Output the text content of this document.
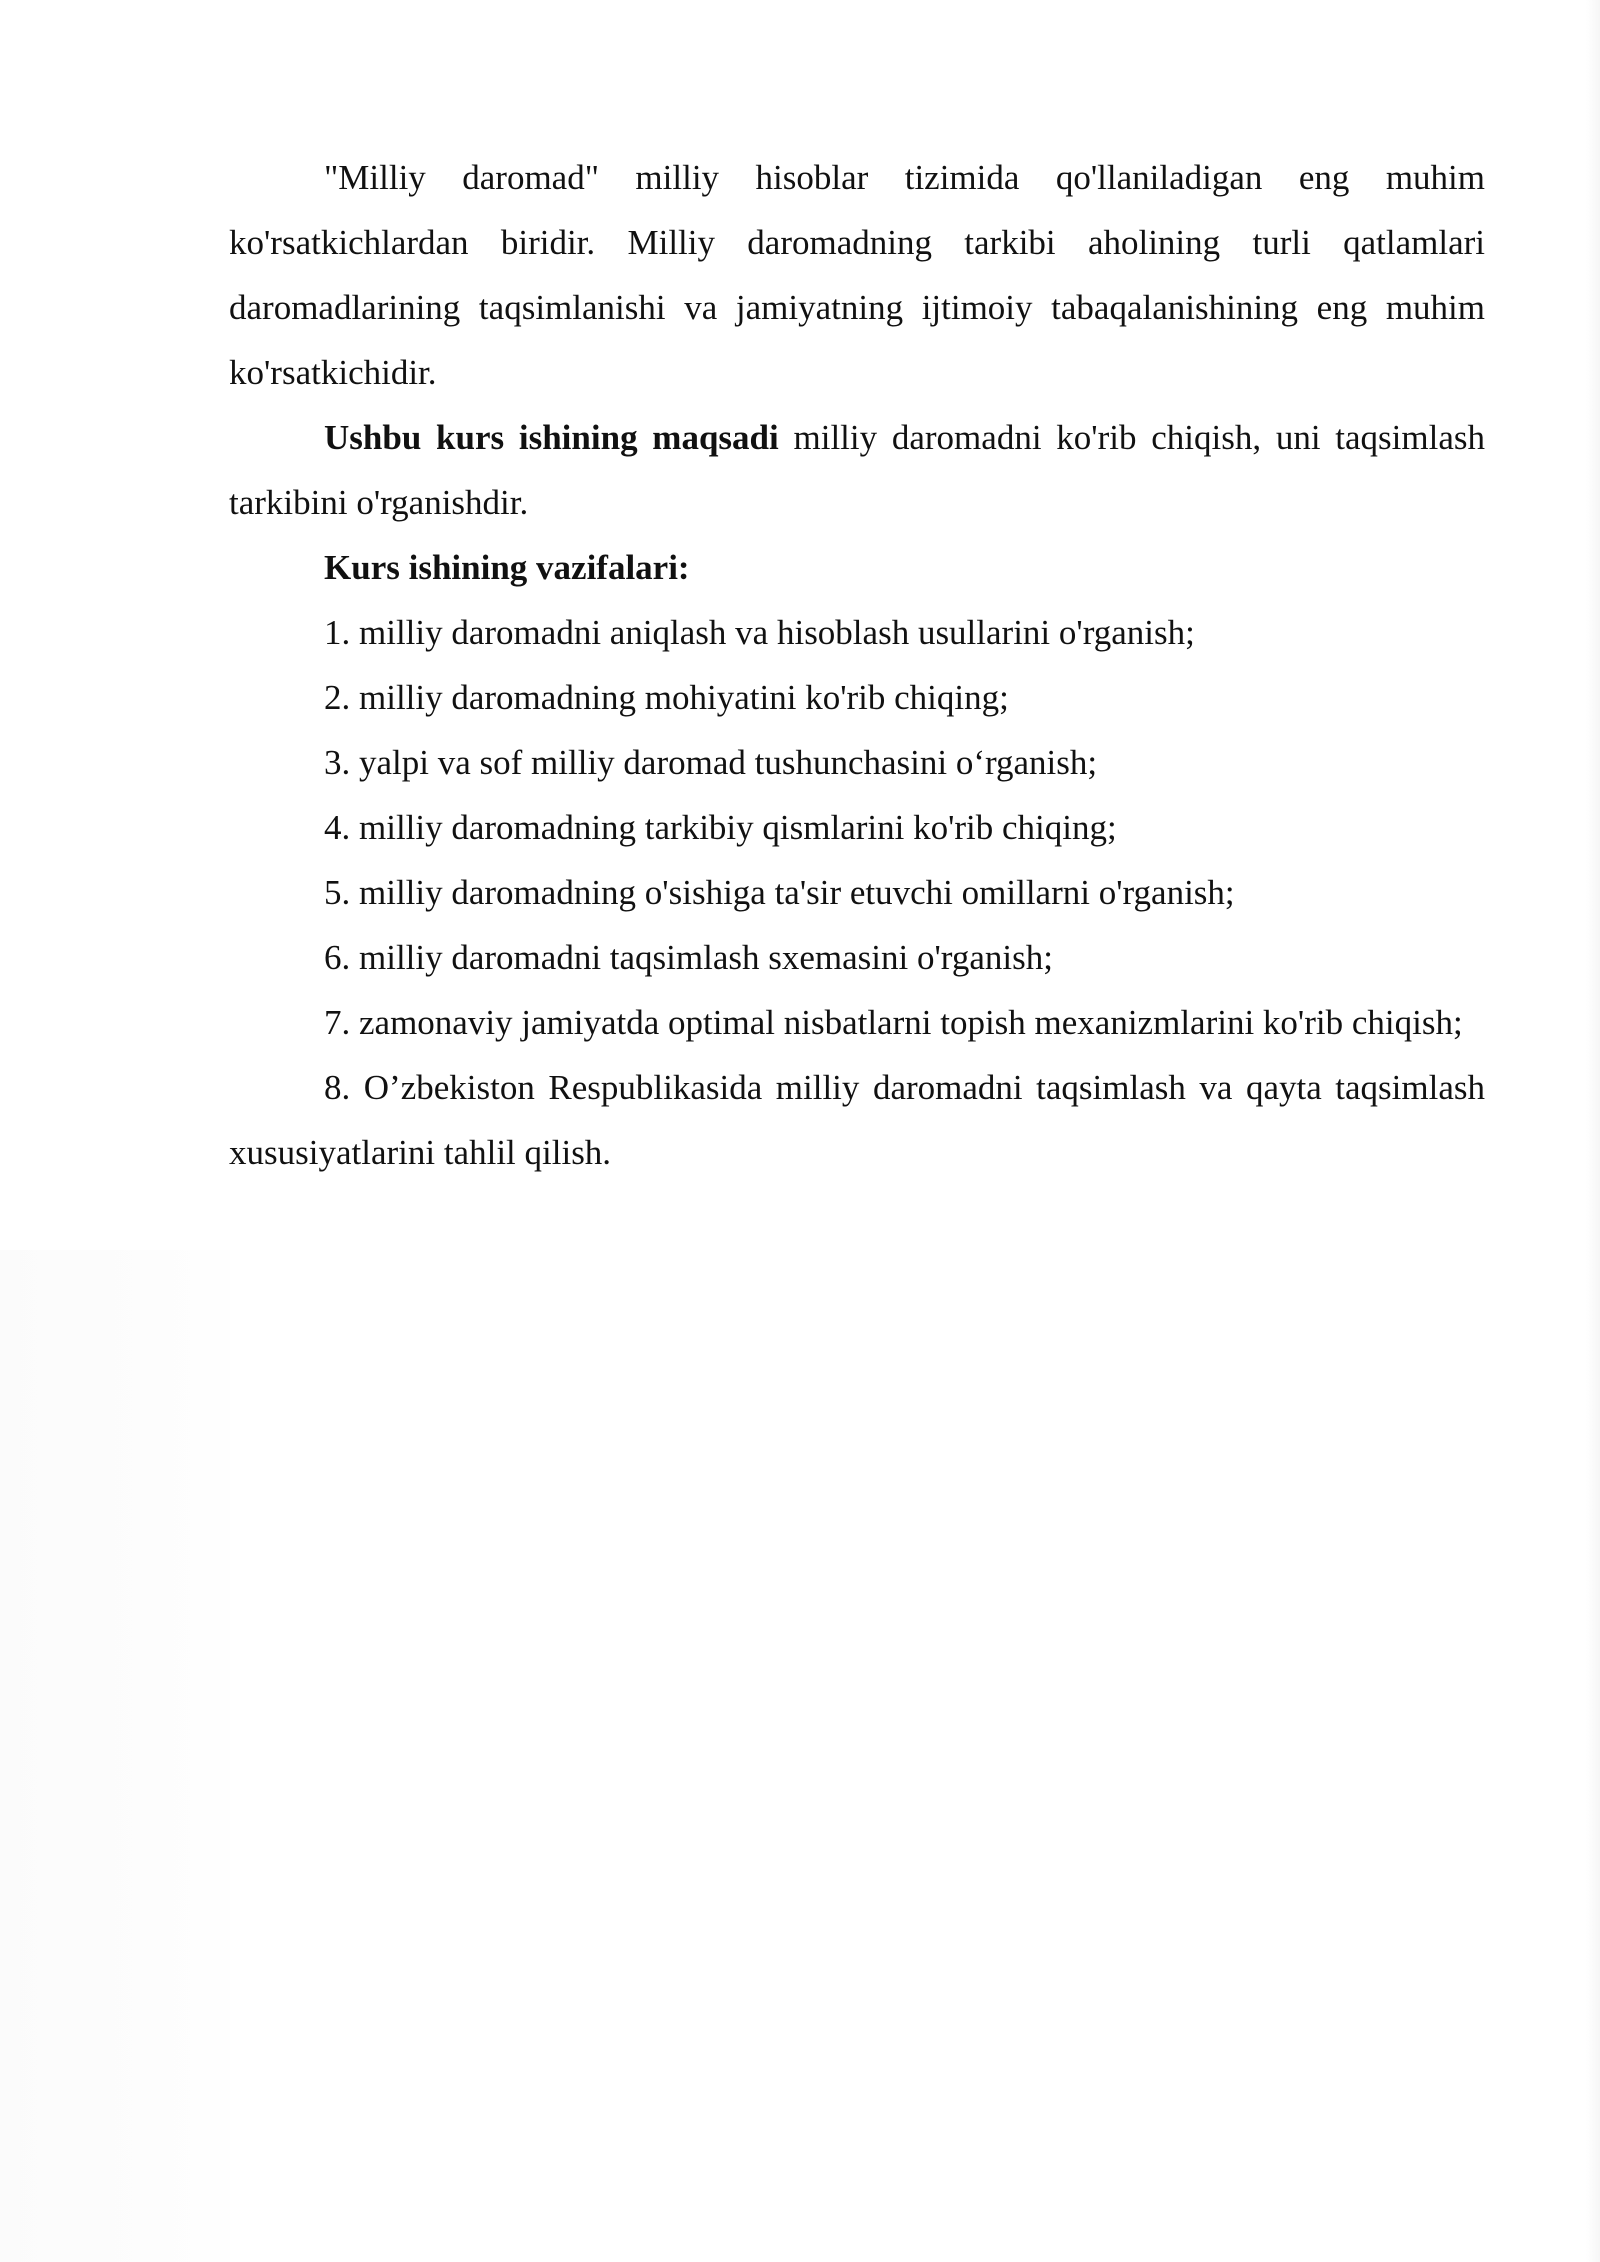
"Milliy daromad" milliy hisoblar tizimida qo'llaniladigan eng muhim ko'rsatkichlardan biridir. Milliy daromadning tarkibi aholining turli qatlamlari daromadlarining taqsimlanishi va jamiyatning ijtimoiy tabaqalanishining eng muhim ko'rsatkichidir.

Ushbu kurs ishining maqsadi milliy daromadni ko'rib chiqish, uni taqsimlash tarkibini o'rganishdir.

Kurs ishining vazifalari:

1. milliy daromadni aniqlash va hisoblash usullarini o'rganish;

2. milliy daromadning mohiyatini ko'rib chiqing;

3. yalpi va sof milliy daromad tushunchasini o‘rganish;

4. milliy daromadning tarkibiy qismlarini ko'rib chiqing;

5. milliy daromadning o'sishiga ta'sir etuvchi omillarni o'rganish;

6. milliy daromadni taqsimlash sxemasini o'rganish;

7. zamonaviy jamiyatda optimal nisbatlarni topish mexanizmlarini ko'rib chiqish;

8. O’zbekiston Respublikasida milliy daromadni taqsimlash va qayta taqsimlash xususiyatlarini tahlil qilish.
